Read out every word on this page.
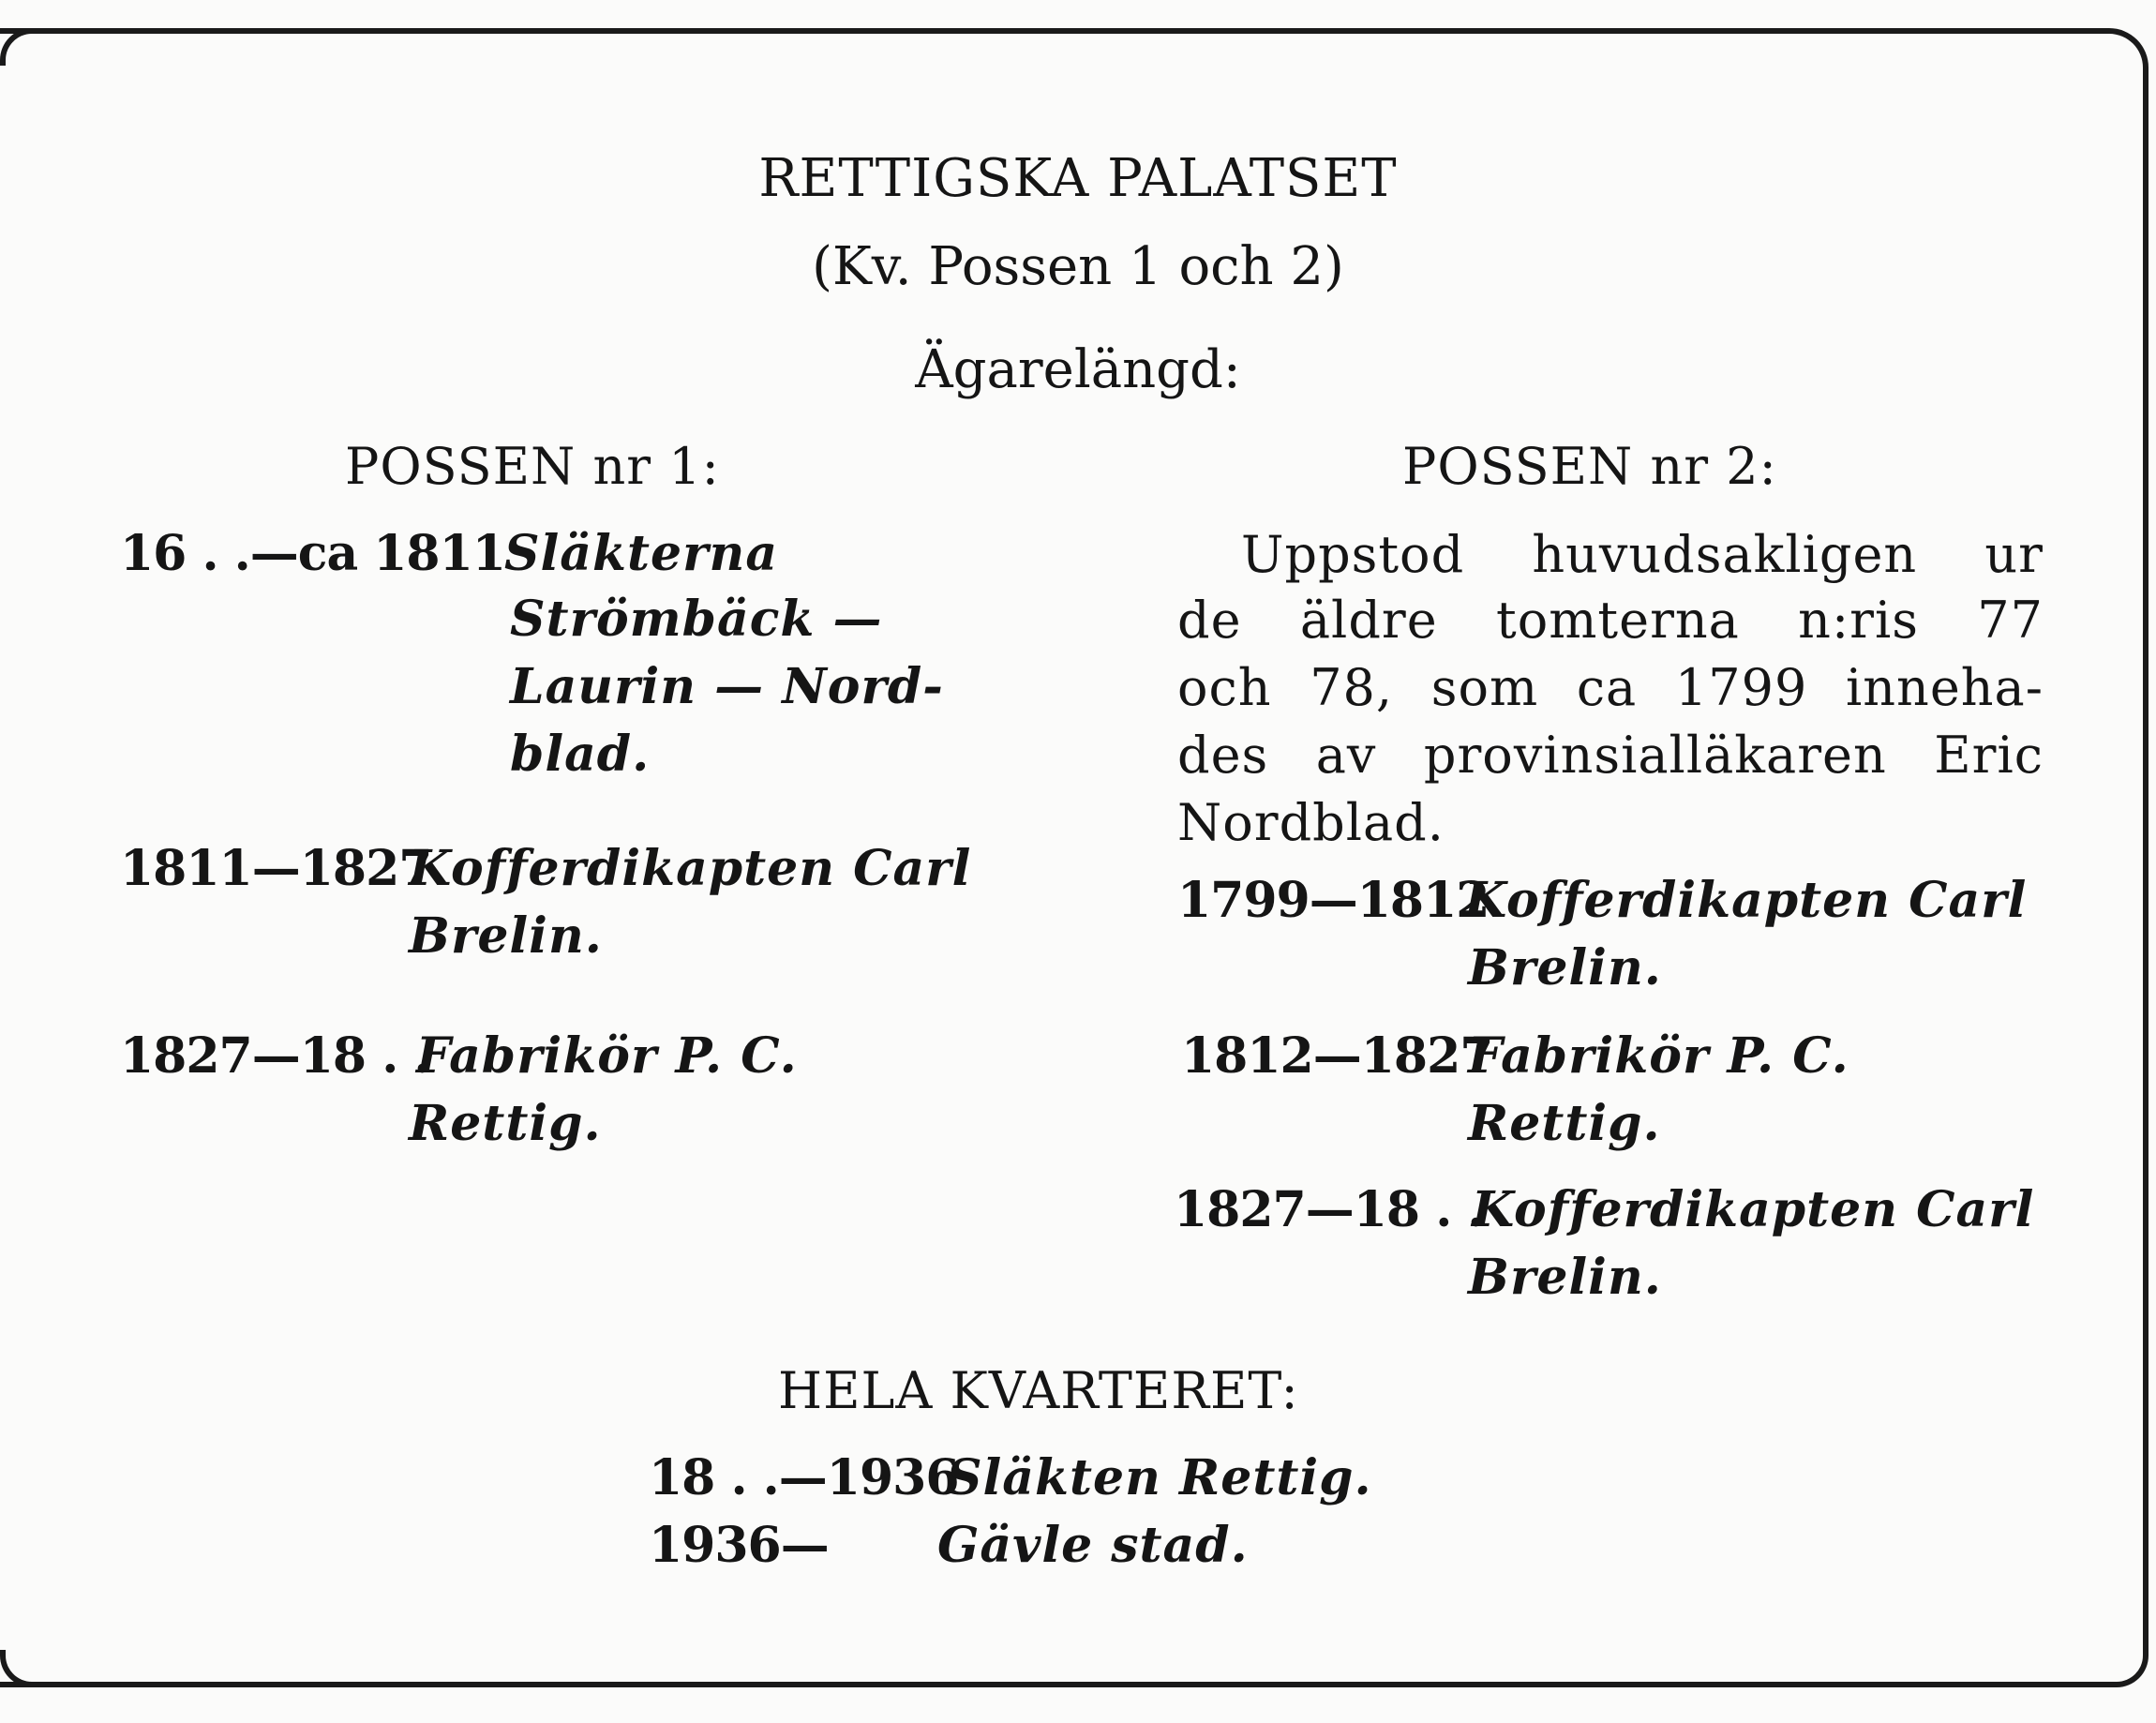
RETTIGSKA PALATSET
(Kv. Possen 1 och 2)
Ägarelängd:
POSSEN nr 1:
16 . .—ca 1811 Släkterna
Strömbäck —
Laurin — Nord-
blad.
1811—1827
Kofferdikapten Carl
Brelin.
1827—18 . .
Fabrikör P. C.
Rettig.
POSSEN nr 2:
Uppstod huvudsakligen ur
de äldre tomterna n:ris 77
och 78, som ca 1799 inneha-
des av provinsialläkaren Eric
Nordblad.
1799—1812
Kofferdikapten Carl
Brelin.
1812—1827
Fabrikör P. C.
Rettig.
1827—18 . .
Kofferdikapten Carl
Brelin.
HELA KVARTERET:
18 . .—1936
Släkten Rettig.
1936— Gävle stad.
